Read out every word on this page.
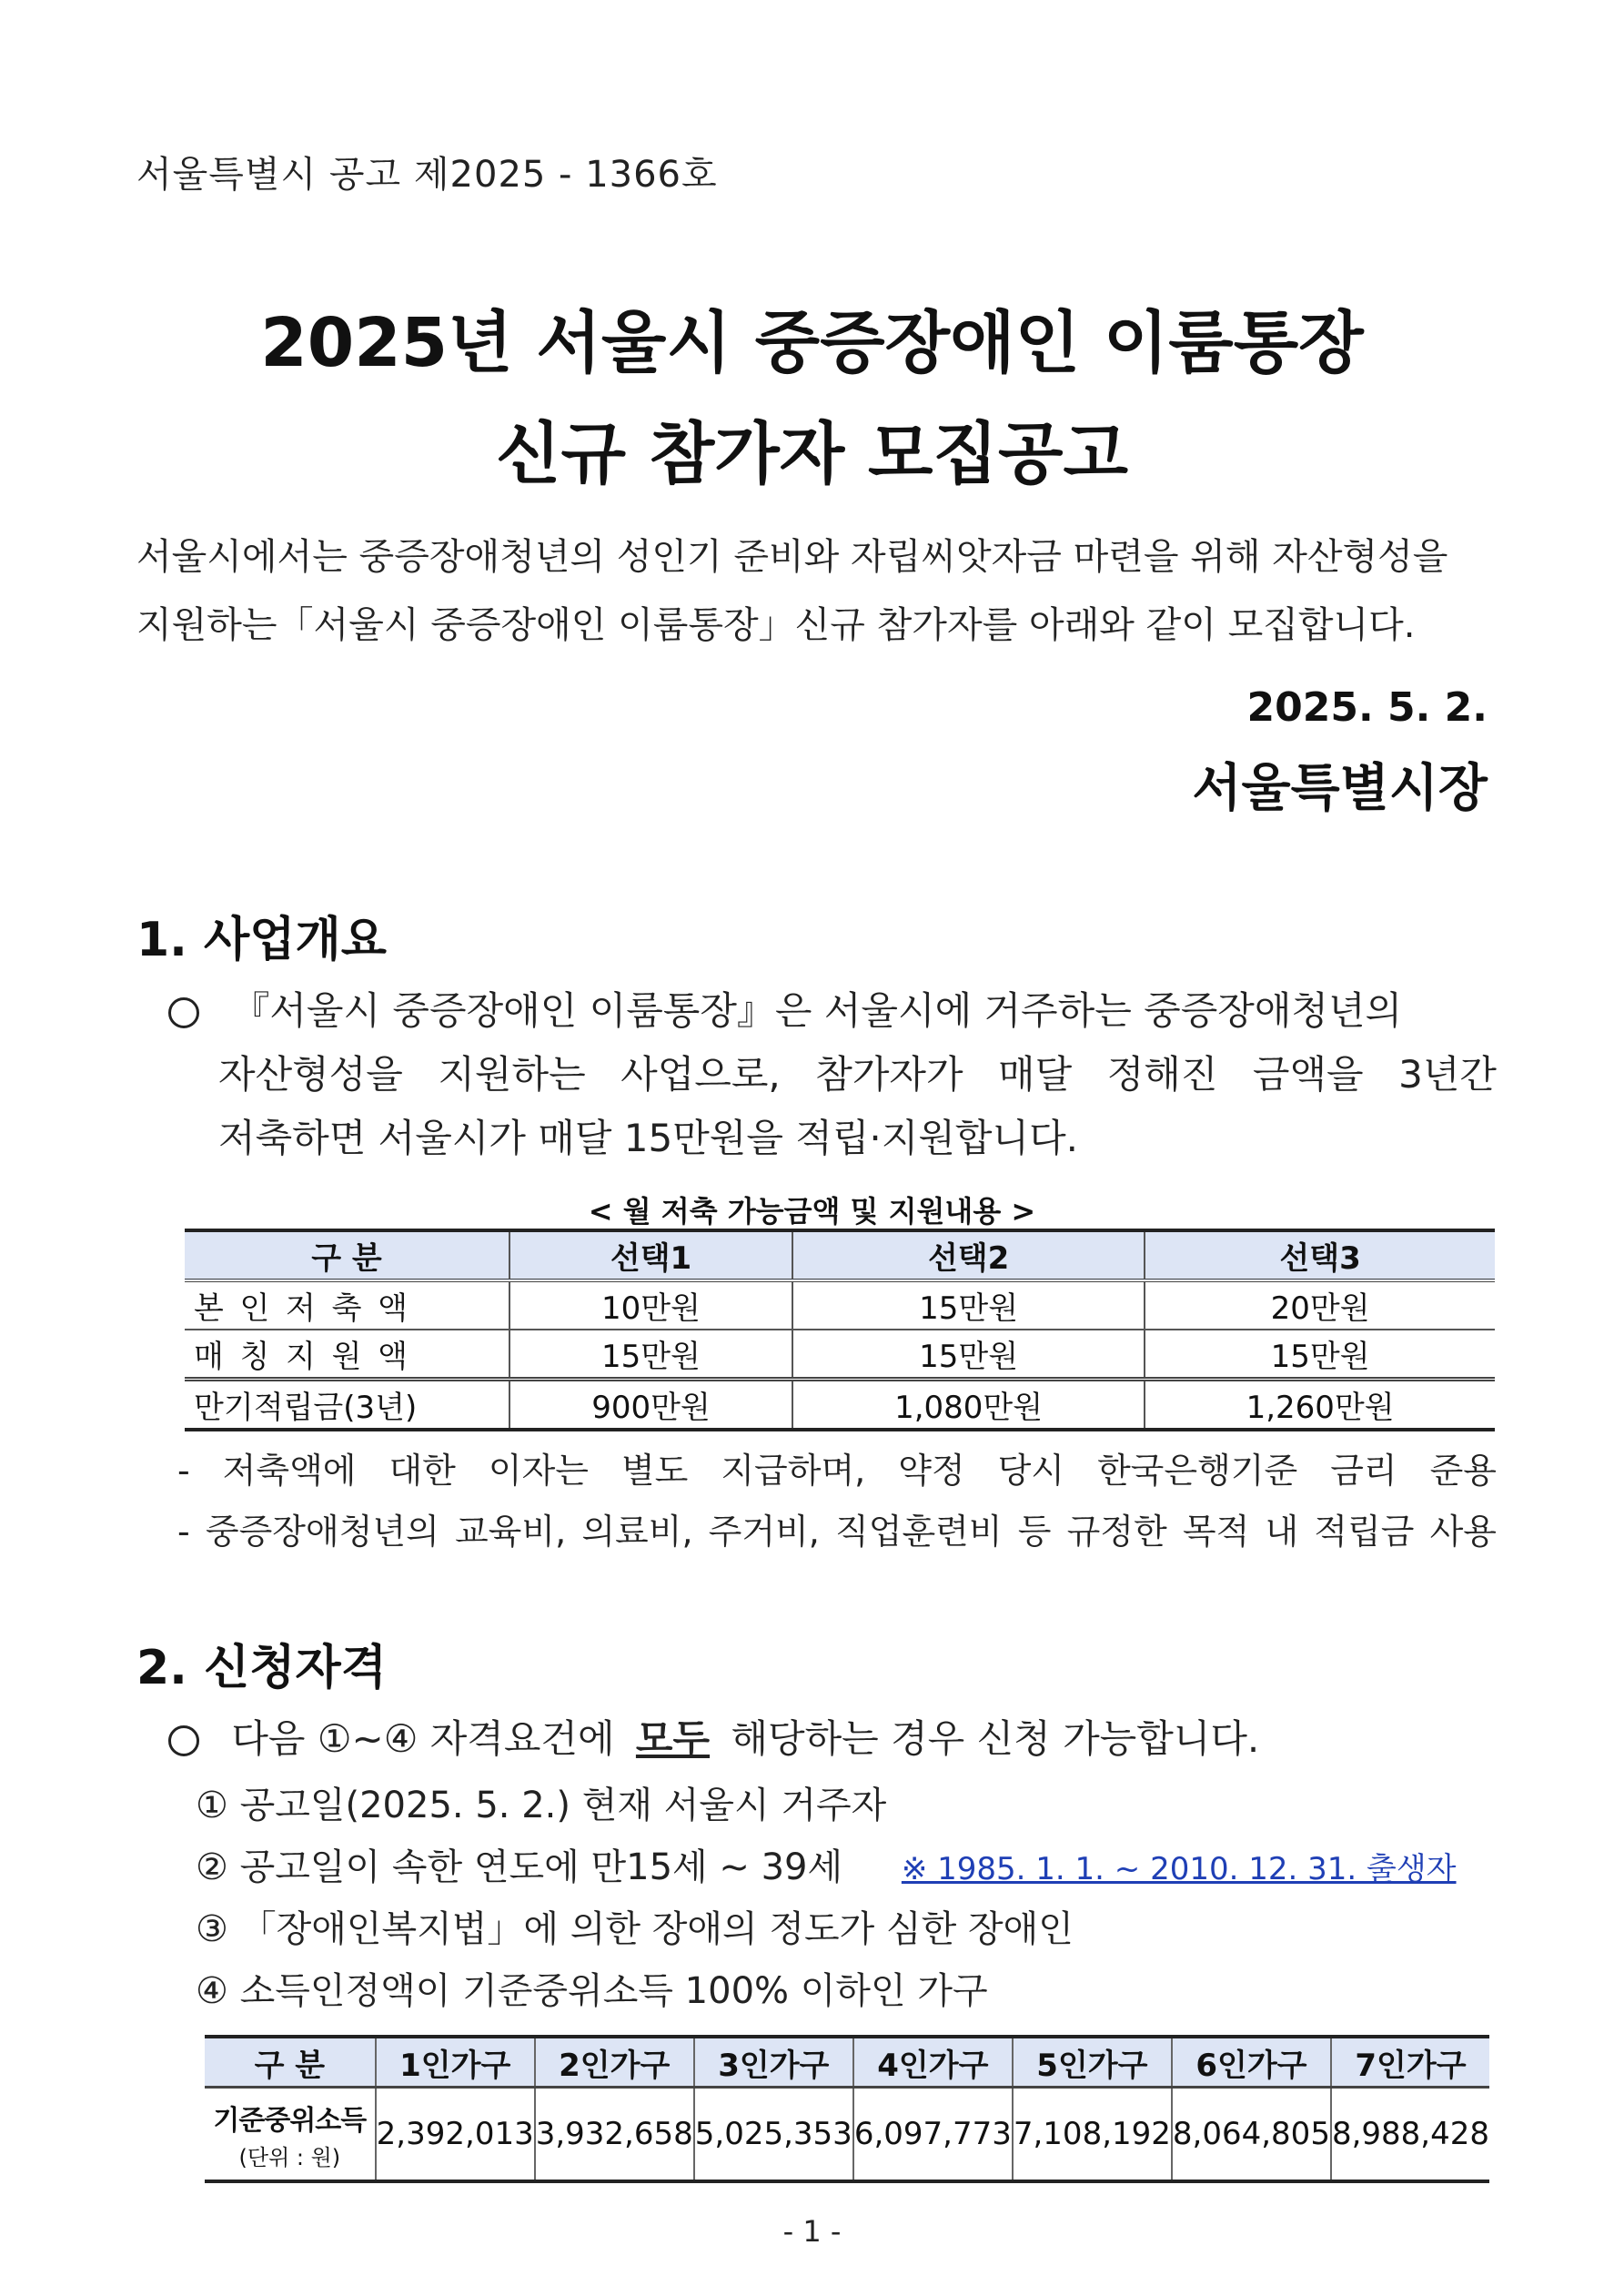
서울특별시 공고 제2025 - 1366호
2025년 서울시 중증장애인 이룸통장
신규 참가자 모집공고
서울시에서는 중증장애청년의 성인기 준비와 자립씨앗자금 마련을 위해 자산형성을
지원하는「서울시 중증장애인 이룸통장」신규 참가자를 아래와 같이 모집합니다.
2025. 5. 2.
서울특별시장
1. 사업개요
『서울시 중증장애인 이룸통장』은 서울시에 거주하는 중증장애청년의
자산형성을 지원하는 사업으로, 참가자가 매달 정해진 금액을 3년간
저축하면 서울시가 매달 15만원을 적립·지원합니다.
< 월 저축 가능금액 및 지원내용 >
구 분	선택1	선택2	선택3
본인저축액	10만원	15만원	20만원
매칭지원액	15만원	15만원	15만원
만기적립금(3년)	900만원	1,080만원	1,260만원
- 저축액에 대한 이자는 별도 지급하며, 약정 당시 한국은행기준 금리 준용
- 중증장애청년의 교육비, 의료비, 주거비, 직업훈련비 등 규정한 목적 내 적립금 사용
2. 신청자격
다음 ①~④ 자격요건에 모두 해당하는 경우 신청 가능합니다.
① 공고일(2025. 5. 2.) 현재 서울시 거주자
② 공고일이 속한 연도에 만15세 ~ 39세 ※ 1985. 1. 1. ~ 2010. 12. 31. 출생자
③ 「장애인복지법」에 의한 장애의 정도가 심한 장애인
④ 소득인정액이 기준중위소득 100% 이하인 가구
구 분	1인가구	2인가구	3인가구	4인가구	5인가구	6인가구	7인가구

기준중위소득
(단위 : 원)	2,392,013	3,932,658	5,025,353	6,097,773	7,108,192	8,064,805	8,988,428
- 1 -
